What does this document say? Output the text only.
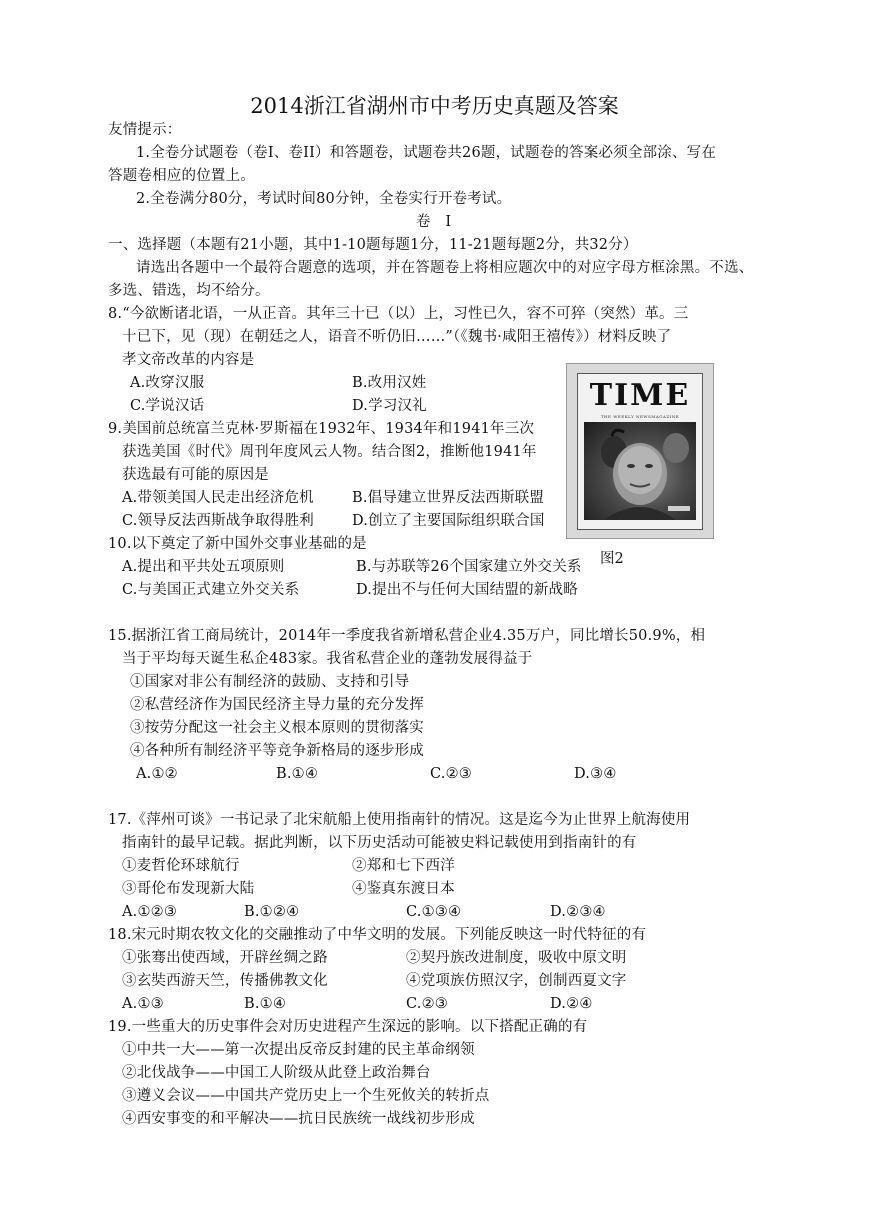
2014浙江省湖州市中考历史真题及答案
友情提示：
1.全卷分试题卷（卷I、卷II）和答题卷，试题卷共26题，试题卷的答案必须全部涂、写在
答题卷相应的位置上。
2.全卷满分80分，考试时间80分钟，全卷实行开卷考试。
卷　I
一、选择题（本题有21小题，其中1-10题每题1分，11-21题每题2分，共32分）
请选出各题中一个最符合题意的选项，并在答题卷上将相应题次中的对应字母方框涂黑。不选、
多选、错选，均不给分。
8.“今欲断诸北语，一从正音。其年三十已（以）上，习性已久，容不可猝（突然）革。三
十已下，见（现）在朝廷之人，语音不听仍旧……”（《魏书·咸阳王禧传》）材料反映了
孝文帝改革的内容是
A.改穿汉服	B.改用汉姓
C.学说汉话	D.学习汉礼
9.美国前总统富兰克林·罗斯福在1932年、1934年和1941年三次
获选美国《时代》周刊年度风云人物。结合图2，推断他1941年
获选最有可能的原因是
A.带领美国人民走出经济危机	B.倡导建立世界反法西斯联盟
C.领导反法西斯战争取得胜利	D.创立了主要国际组织联合国
10.以下奠定了新中国外交事业基础的是
A.提出和平共处五项原则	B.与苏联等26个国家建立外交关系
C.与美国正式建立外交关系	D.提出不与任何大国结盟的新战略
15.据浙江省工商局统计，2014年一季度我省新增私营企业4.35万户，同比增长50.9%，相
当于平均每天诞生私企483家。我省私营企业的蓬勃发展得益于
①国家对非公有制经济的鼓励、支持和引导
②私营经济作为国民经济主导力量的充分发挥
③按劳分配这一社会主义根本原则的贯彻落实
④各种所有制经济平等竞争新格局的逐步形成
A.①②	B.①④	C.②③	D.③④
17.《萍州可谈》一书记录了北宋航船上使用指南针的情况。这是迄今为止世界上航海使用
指南针的最早记载。据此判断，以下历史活动可能被史料记载使用到指南针的有
①麦哲伦环球航行	②郑和七下西洋
③哥伦布发现新大陆	④鉴真东渡日本
A.①②③	B.①②④	C.①③④	D.②③④
18.宋元时期农牧文化的交融推动了中华文明的发展。下列能反映这一时代特征的有
①张骞出使西域，开辟丝绸之路	②契丹族改进制度，吸收中原文明
③玄奘西游天竺，传播佛教文化	④党项族仿照汉字，创制西夏文字
A.①③	B.①④	C.②③	D.②④
19.一些重大的历史事件会对历史进程产生深远的影响。以下搭配正确的有
①中共一大——第一次提出反帝反封建的民主革命纲领
②北伐战争——中国工人阶级从此登上政治舞台
③遵义会议——中国共产党历史上一个生死攸关的转折点
④西安事变的和平解决——抗日民族统一战线初步形成
TIME
THE WEEKLY NEWSMAGAZINE
图2
